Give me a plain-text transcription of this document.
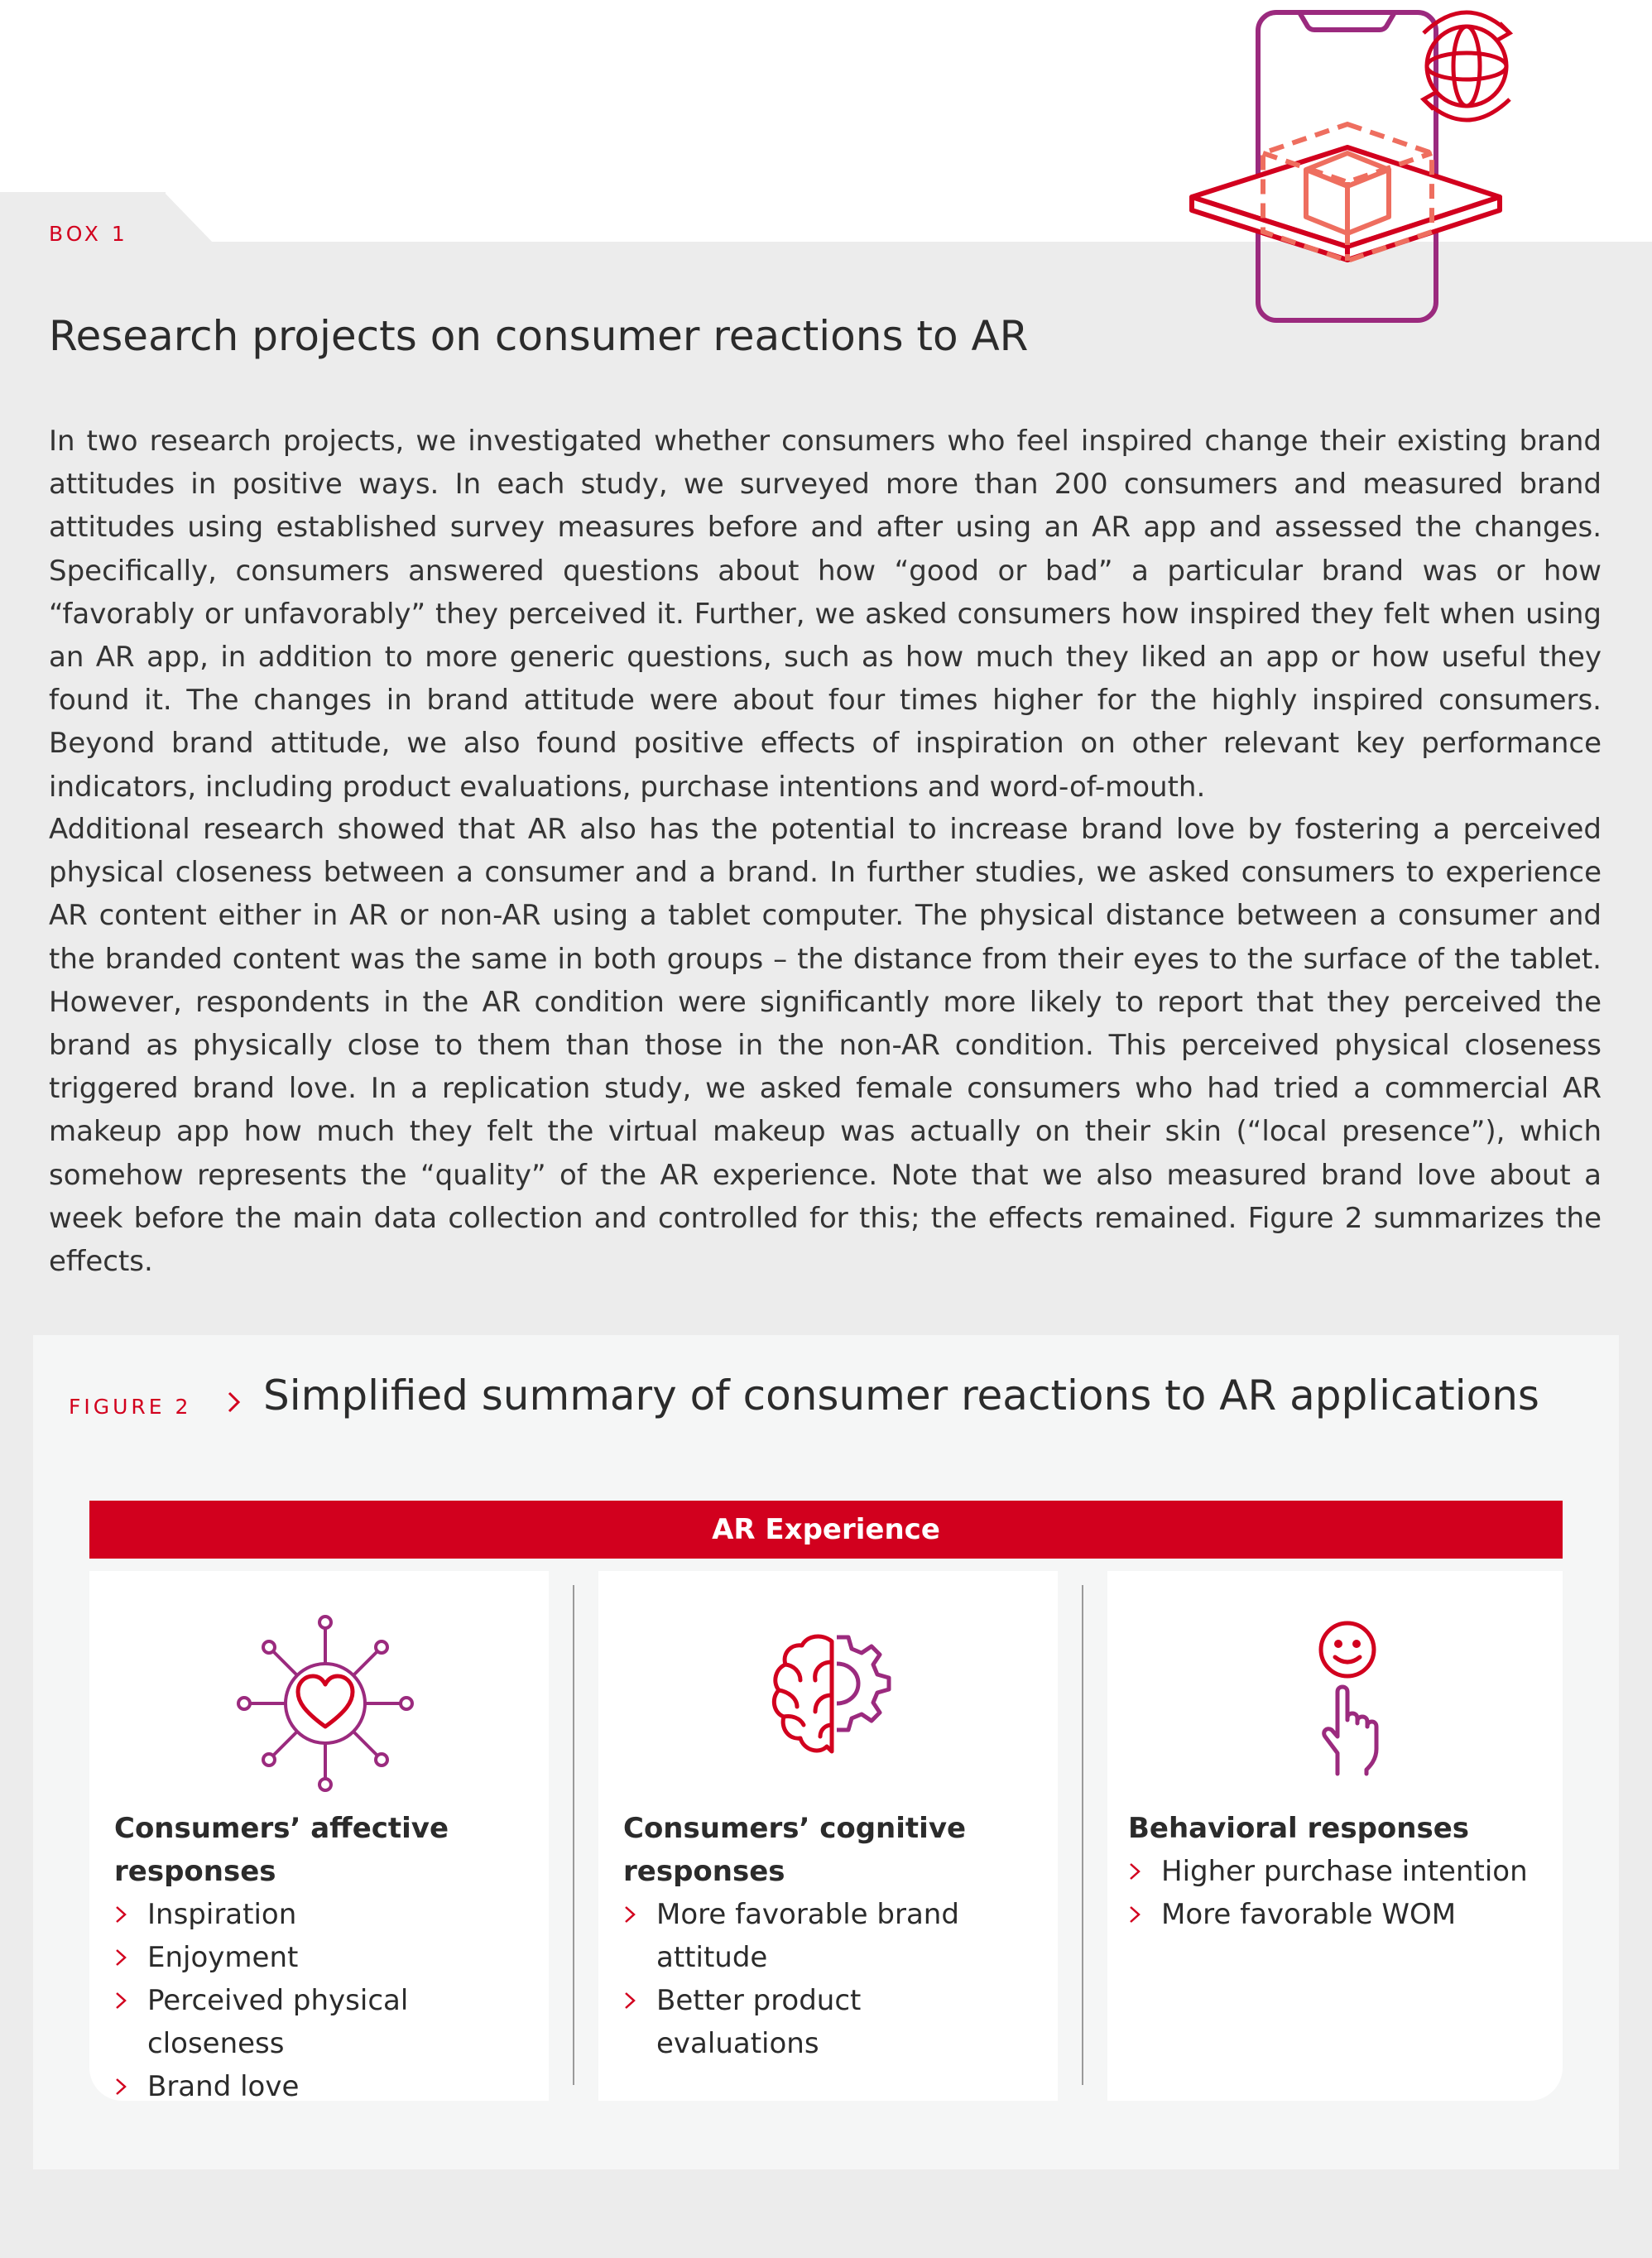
BOX 1
Research projects on consumer reactions to AR

In two research projects, we investigated whether consumers who feel inspired change their existing brand attitudes in positive ways. In each study, we surveyed more than 200 consumers and measured brand attitudes using established survey measures before and after using an AR app and assessed the changes. Specifically, consumers answered questions about how “good or bad” a particular brand was or how “favorably or unfavorably” they perceived it. Further, we asked consumers how inspired they felt when using an AR app, in addition to more generic questions, such as how much they liked an app or how useful they found it. The changes in brand attitude were about four times higher for the highly inspired consumers. Beyond brand attitude, we also found positive effects of inspiration on other relevant key performance indicators, including product evaluations, purchase intentions and word-of-mouth.

Additional research showed that AR also has the potential to increase brand love by fostering a perceived physical closeness between a consumer and a brand. In further studies, we asked consumers to experience AR content either in AR or non-AR using a tablet computer. The physical distance between a consumer and the branded content was the same in both groups – the distance from their eyes to the surface of the tablet. However, respondents in the AR condition were significantly more likely to report that they perceived the brand as physically close to them than those in the non-AR condition. This perceived physical closeness triggered brand love. In a replication study, we asked female consumers who had tried a commercial AR makeup app how much they felt the virtual makeup was actually on their skin (“local presence”), which somehow represents the “quality” of the AR experience. Note that we also measured brand love about a week before the main data collection and controlled for this; the effects remained. Figure 2 summarizes the effects.

FIGURE 2 Simplified summary of consumer reactions to AR applications
AR Experience
Consumers’ affective
responses
Inspiration
Enjoyment
Perceived physical closeness
Brand love
Consumers’ cognitive
responses
More favorable brand attitude
Better product evaluations
Behavioral responses
Higher purchase intention
More favorable WOM
